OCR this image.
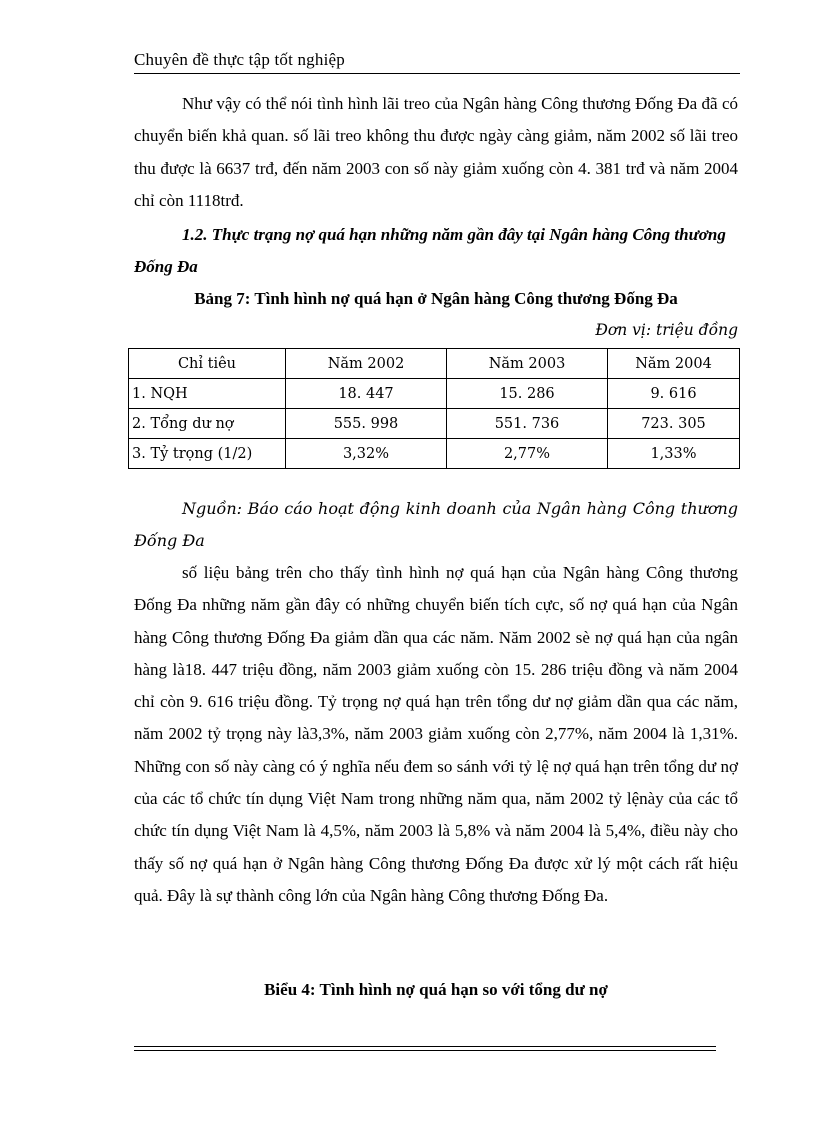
Chuyên đề thực tập tốt nghiệp

Như vậy có thể nói tình hình lãi treo của Ngân hàng Công thương Đống Đa đã có chuyển biến khả quan. số lãi treo không thu được ngày càng giảm, năm 2002 số lãi treo thu được là 6637 trđ, đến năm 2003 con số này giảm xuống còn 4. 381 trđ và năm 2004 chỉ còn 1118trđ.

1.2. Thực trạng nợ quá hạn những năm gần đây tại Ngân hàng Công thương Đống Đa

Bảng 7: Tình hình nợ quá hạn ở Ngân hàng Công thương Đống Đa
Đơn vị: triệu đồng
Chỉ tiêu	Năm 2002	Năm 2003	Năm 2004
1. NQH	18. 447	15. 286	9. 616
2. Tổng dư nợ	555. 998	551. 736	723. 305
3. Tỷ trọng (1/2)	3,32%	2,77%	1,33%

Nguồn: Báo cáo hoạt động kinh doanh của Ngân hàng Công thương Đống Đa

số liệu bảng trên cho thấy tình hình nợ quá hạn của Ngân hàng Công thương Đống Đa những năm gần đây có những chuyển biến tích cực, số nợ quá hạn của Ngân hàng Công thương Đống Đa giảm dần qua các năm. Năm 2002 sè nợ quá hạn của ngân hàng là18. 447 triệu đồng, năm 2003 giảm xuống còn 15. 286 triệu đồng và năm 2004 chỉ còn 9. 616 triệu đồng. Tỷ trọng nợ quá hạn trên tổng dư nợ giảm dần qua các năm, năm 2002 tỷ trọng này là3,3%, năm 2003 giảm xuống còn 2,77%, năm 2004 là 1,31%. Những con số này càng có ý nghĩa nếu đem so sánh với tỷ lệ nợ quá hạn trên tổng dư nợ của các tổ chức tín dụng Việt Nam trong những năm qua, năm 2002 tỷ lệnày của các tổ chức tín dụng Việt Nam là 4,5%, năm 2003 là 5,8% và năm 2004 là 5,4%, điều này cho thấy số nợ quá hạn ở Ngân hàng Công thương Đống Đa được xử lý một cách rất hiệu quả. Đây là sự thành công lớn của Ngân hàng Công thương Đống Đa.

Biểu 4: Tình hình nợ quá hạn so với tổng dư nợ
